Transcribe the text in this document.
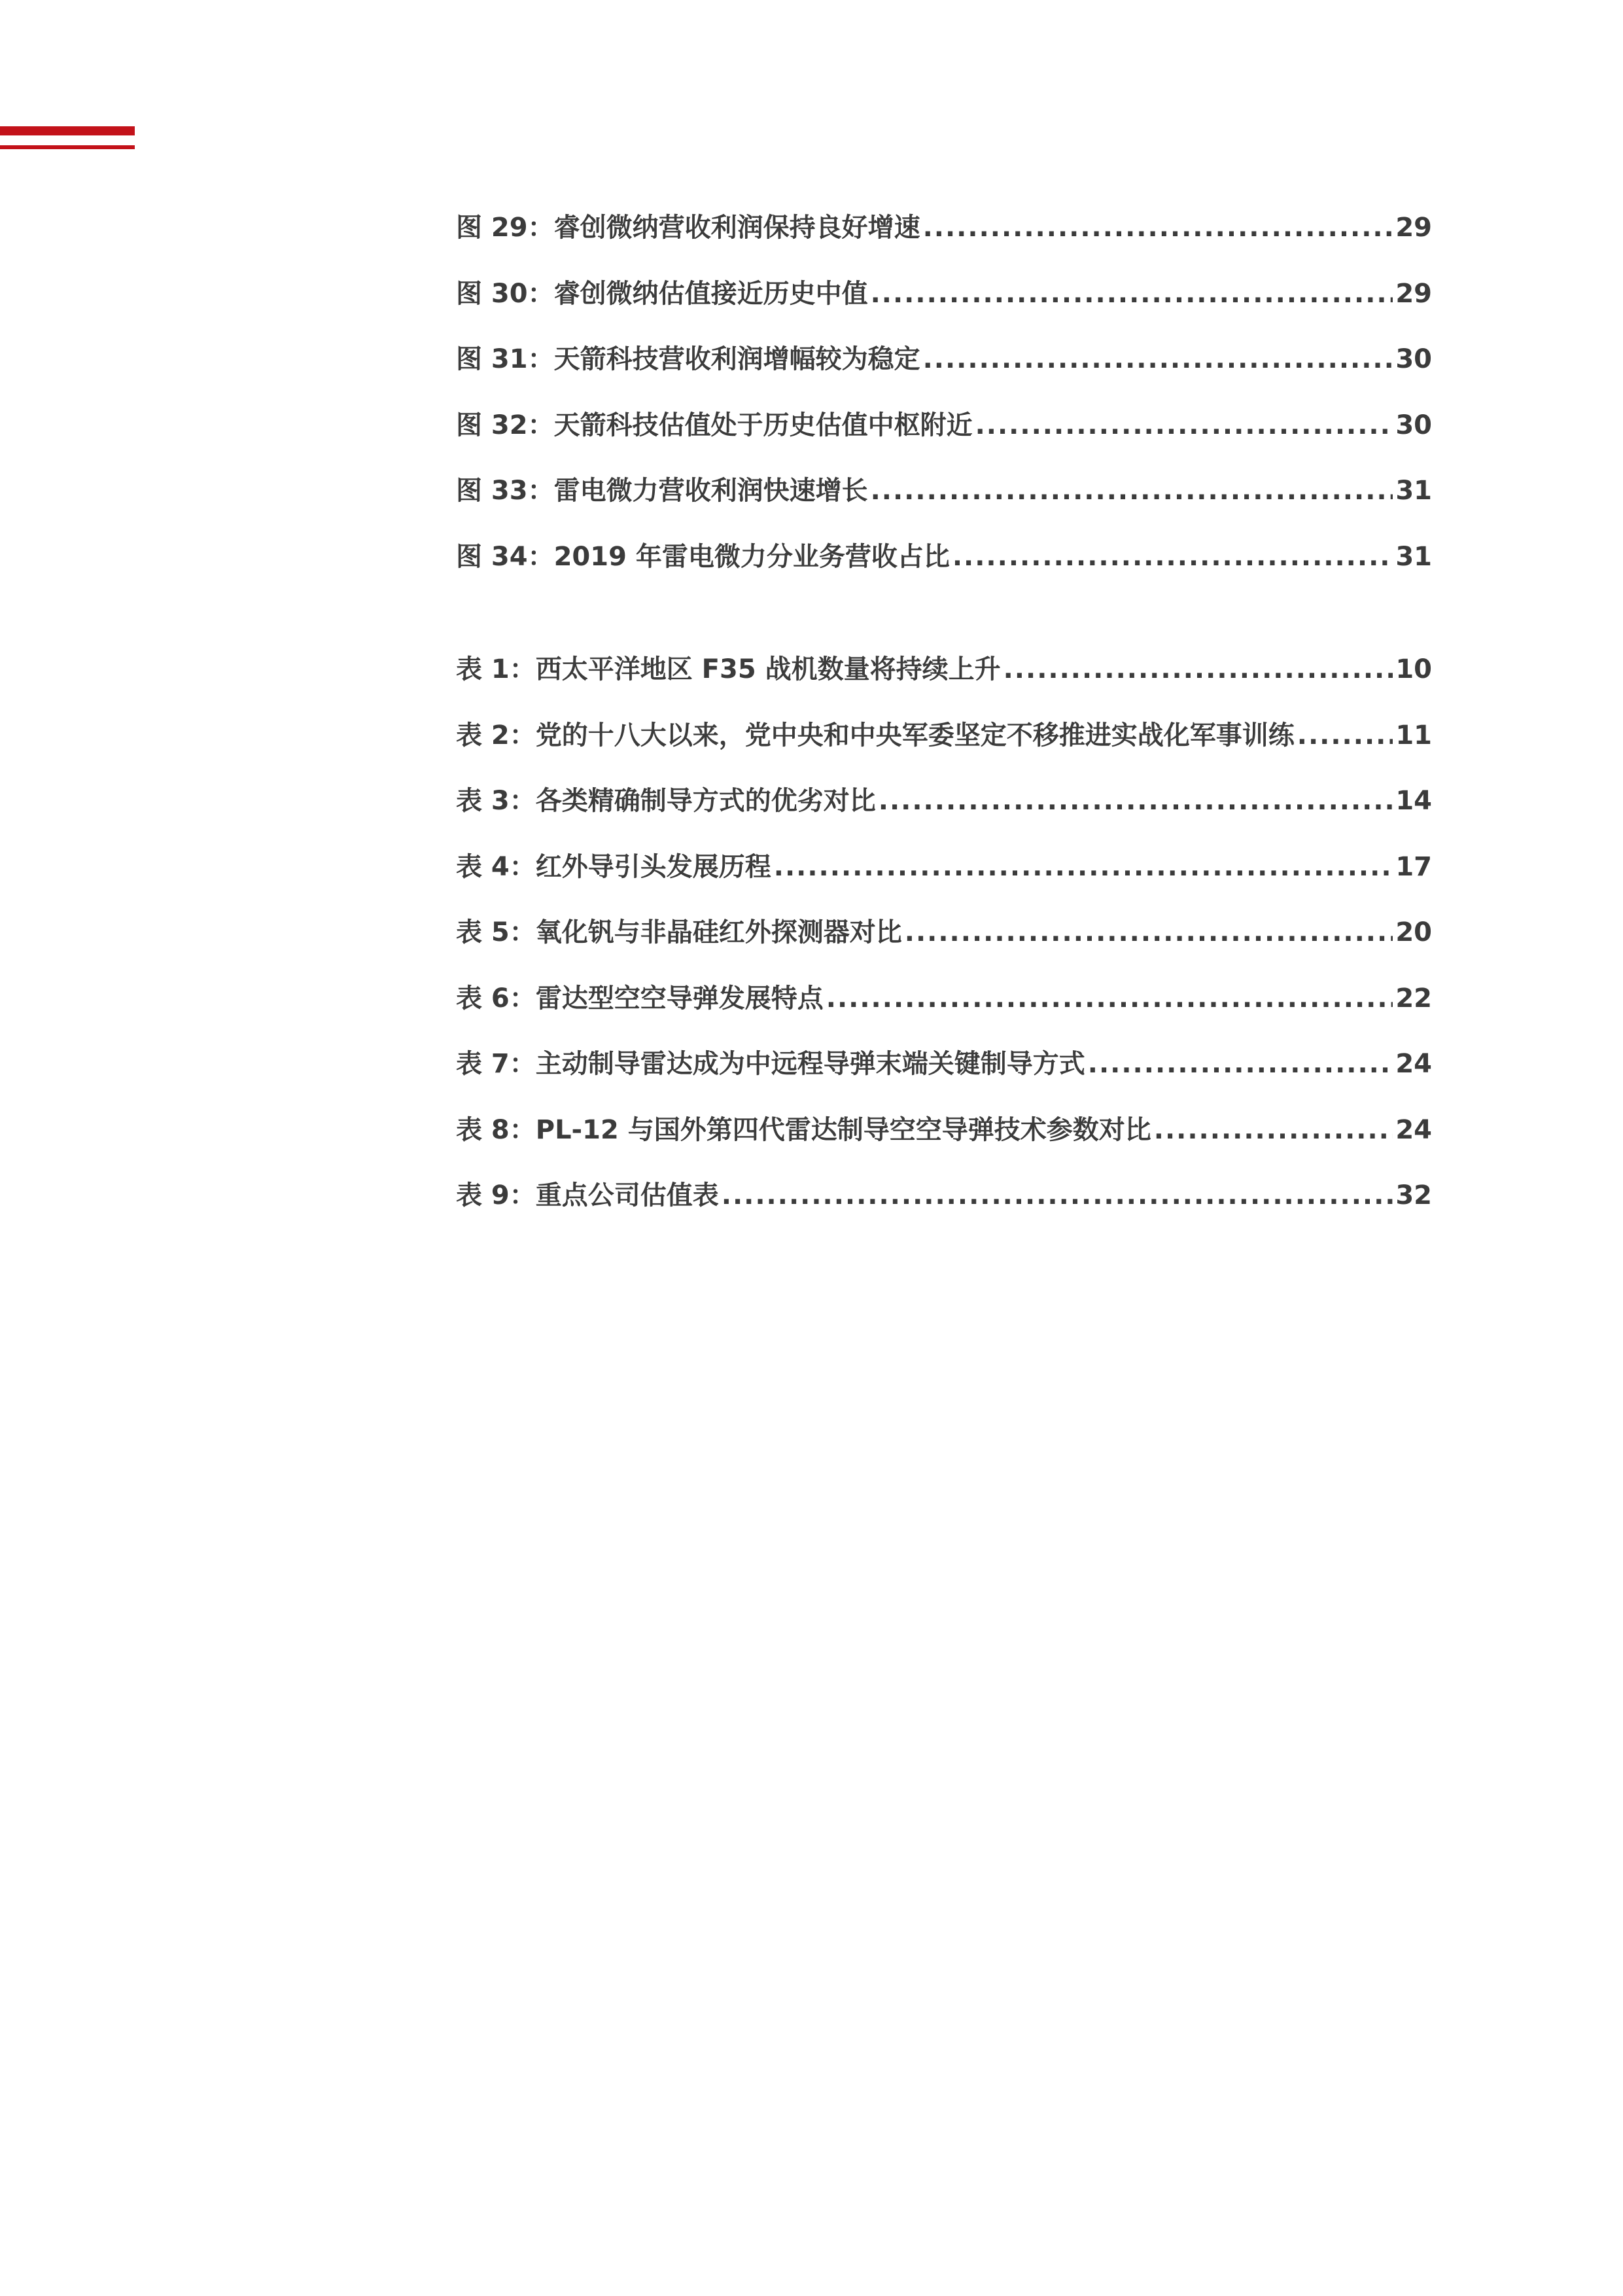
图 29：睿创微纳营收利润保持良好增速 .....	29
图 30：睿创微纳估值接近历史中值 .....	29
图 31：天箭科技营收利润增幅较为稳定 .....	30
图 32：天箭科技估值处于历史估值中枢附近 .....	30
图 33：雷电微力营收利润快速增长 .....	31
图 34：2019 年雷电微力分业务营收占比 .....	31
表 1：西太平洋地区 F35 战机数量将持续上升 .....	10
表 2：党的十八大以来，党中央和中央军委坚定不移推进实战化军事训练 .....	11
表 3：各类精确制导方式的优劣对比 .....	14
表 4：红外导引头发展历程 .....	17
表 5：氧化钒与非晶硅红外探测器对比 .....	20
表 6：雷达型空空导弹发展特点 .....	22
表 7：主动制导雷达成为中远程导弹末端关键制导方式 .....	24
表 8：PL-12 与国外第四代雷达制导空空导弹技术参数对比 .....	24
表 9：重点公司估值表 .....	32
